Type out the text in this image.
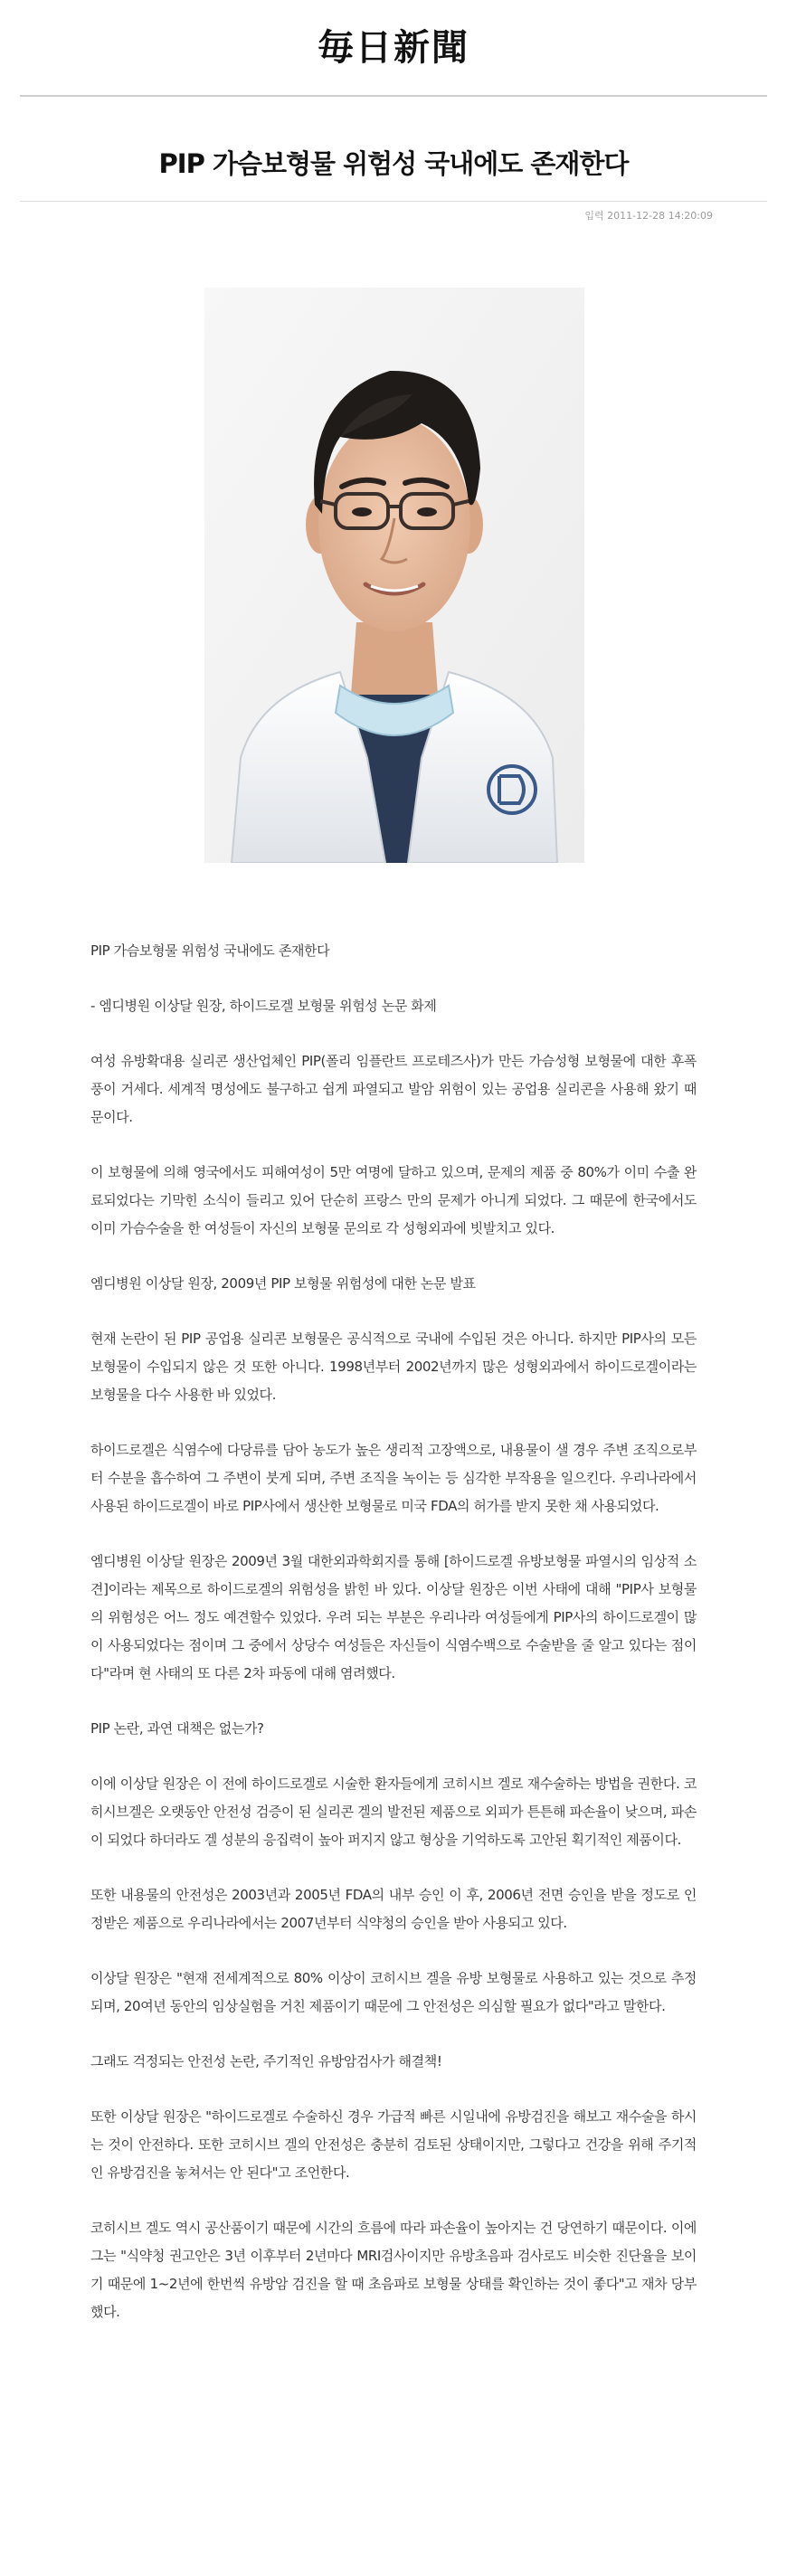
毎日新聞
PIP 가슴보형물 위험성 국내에도 존재한다
입력 2011-12-28 14:20:09

PIP 가슴보형물 위험성 국내에도 존재한다

- 엠디병원 이상달 원장, 하이드로겔 보형물 위험성 논문 화제

여성 유방확대용 실리콘 생산업체인 PIP(폴리 임플란트 프로테즈사)가 만든 가슴성형 보형물에 대한 후폭풍이 거세다. 세계적 명성에도 불구하고 쉽게 파열되고 발암 위험이 있는 공업용 실리콘을 사용해 왔기 때문이다.

이 보형물에 의해 영국에서도 피해여성이 5만 여명에 달하고 있으며, 문제의 제품 중 80%가 이미 수출 완료되었다는 기막힌 소식이 들리고 있어 단순히 프랑스 만의 문제가 아니게 되었다. 그 때문에 한국에서도 이미 가슴수술을 한 여성들이 자신의 보형물 문의로 각 성형외과에 빗발치고 있다.

엠디병원 이상달 원장, 2009년 PIP 보형물 위험성에 대한 논문 발표

현재 논란이 된 PIP 공업용 실리콘 보형물은 공식적으로 국내에 수입된 것은 아니다. 하지만 PIP사의 모든 보형물이 수입되지 않은 것 또한 아니다. 1998년부터 2002년까지 많은 성형외과에서 하이드로겔이라는 보형물을 다수 사용한 바 있었다.

하이드로겔은 식염수에 다당류를 담아 농도가 높은 생리적 고장액으로, 내용물이 샐 경우 주변 조직으로부터 수분을 흡수하여 그 주변이 붓게 되며, 주변 조직을 녹이는 등 심각한 부작용을 일으킨다. 우리나라에서 사용된 하이드로겔이 바로 PIP사에서 생산한 보형물로 미국 FDA의 허가를 받지 못한 채 사용되었다.

엠디병원 이상달 원장은 2009년 3월 대한외과학회지를 통해 [하이드로겔 유방보형물 파열시의 임상적 소견]이라는 제목으로 하이드로겔의 위험성을 밝힌 바 있다. 이상달 원장은 이번 사태에 대해 "PIP사 보형물의 위험성은 어느 정도 예견할수 있었다. 우려 되는 부분은 우리나라 여성들에게 PIP사의 하이드로겔이 많이 사용되었다는 점이며 그 중에서 상당수 여성들은 자신들이 식염수백으로 수술받을 줄 알고 있다는 점이다"라며 현 사태의 또 다른 2차 파동에 대해 염려했다.

PIP 논란, 과연 대책은 없는가?

이에 이상달 원장은 이 전에 하이드로겔로 시술한 환자들에게 코히시브 겔로 재수술하는 방법을 권한다. 코히시브겔은 오랫동안 안전성 검증이 된 실리콘 겔의 발전된 제품으로 외피가 튼튼해 파손율이 낮으며, 파손이 되었다 하더라도 겔 성분의 응집력이 높아 퍼지지 않고 형상을 기억하도록 고안된 획기적인 제품이다.

또한 내용물의 안전성은 2003년과 2005년 FDA의 내부 승인 이 후, 2006년 전면 승인을 받을 정도로 인정받은 제품으로 우리나라에서는 2007년부터 식약청의 승인을 받아 사용되고 있다.

이상달 원장은 "현재 전세계적으로 80% 이상이 코히시브 겔을 유방 보형물로 사용하고 있는 것으로 추정되며, 20여년 동안의 임상실험을 거친 제품이기 때문에 그 안전성은 의심할 필요가 없다"라고 말한다.

그래도 걱정되는 안전성 논란, 주기적인 유방암검사가 해결책!

또한 이상달 원장은 "하이드로겔로 수술하신 경우 가급적 빠른 시일내에 유방검진을 해보고 재수술을 하시는 것이 안전하다. 또한 코히시브 겔의 안전성은 충분히 검토된 상태이지만, 그렇다고 건강을 위해 주기적인 유방검진을 놓쳐서는 안 된다"고 조언한다.

코히시브 겔도 역시 공산품이기 때문에 시간의 흐름에 따라 파손율이 높아지는 건 당연하기 때문이다. 이에 그는 "식약청 권고안은 3년 이후부터 2년마다 MRI검사이지만 유방초음파 검사로도 비슷한 진단율을 보이기 때문에 1~2년에 한번씩 유방암 검진을 할 때 초음파로 보형물 상태를 확인하는 것이 좋다"고 재차 당부했다.
